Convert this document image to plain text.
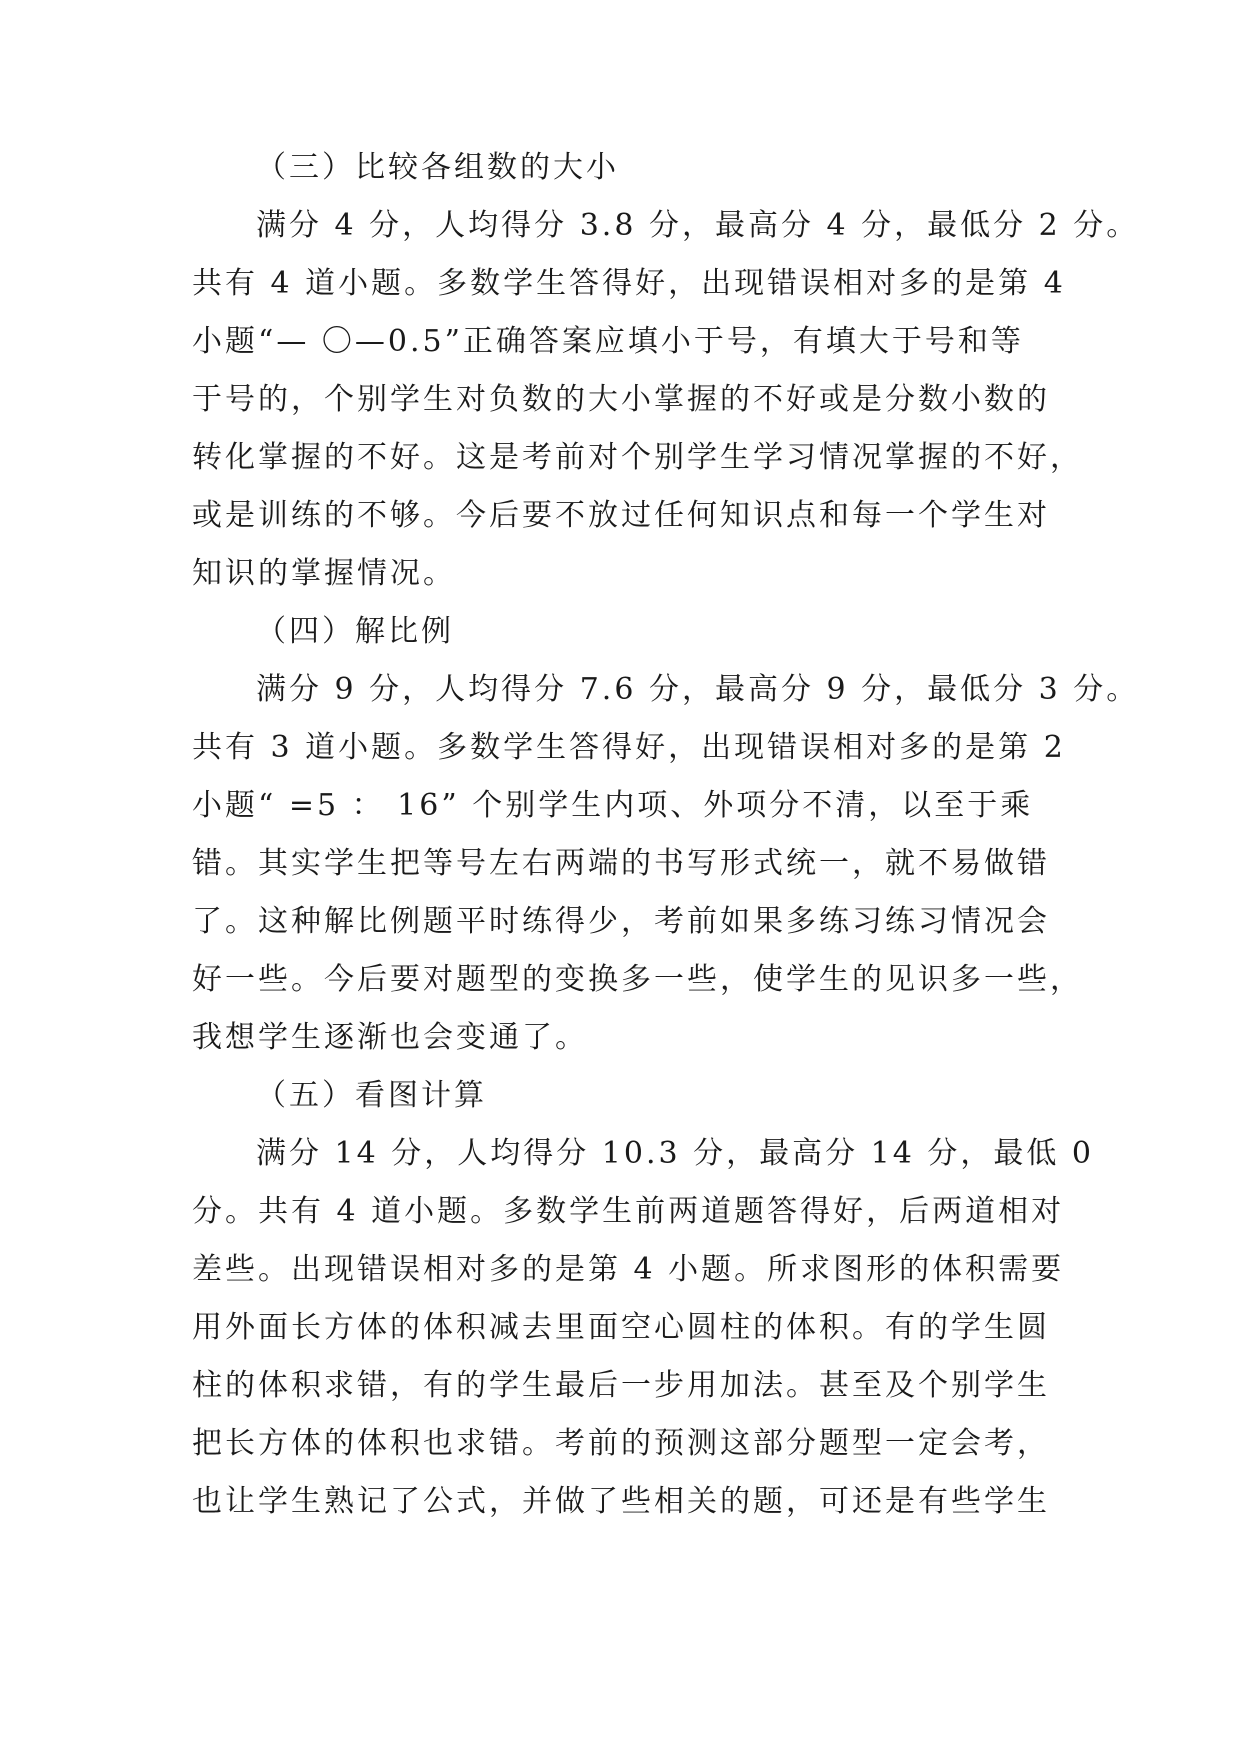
（三）比较各组数的大小
满分 4 分，人均得分 3.8 分，最高分 4 分，最低分 2 分。
共有 4 道小题。多数学生答得好，出现错误相对多的是第 4
小题“— 〇—0.5”正确答案应填小于号，有填大于号和等
于号的，个别学生对负数的大小掌握的不好或是分数小数的
转化掌握的不好。这是考前对个别学生学习情况掌握的不好，
或是训练的不够。今后要不放过任何知识点和每一个学生对
知识的掌握情况。
（四）解比例
满分 9 分，人均得分 7.6 分，最高分 9 分，最低分 3 分。
共有 3 道小题。多数学生答得好，出现错误相对多的是第 2
小题“ =5 ： 16” 个别学生内项、外项分不清，以至于乘
错。其实学生把等号左右两端的书写形式统一，就不易做错
了。这种解比例题平时练得少，考前如果多练习练习情况会
好一些。今后要对题型的变换多一些，使学生的见识多一些，
我想学生逐渐也会变通了。
（五）看图计算
满分 14 分，人均得分 10.3 分，最高分 14 分，最低 0
分。共有 4 道小题。多数学生前两道题答得好，后两道相对
差些。出现错误相对多的是第 4 小题。所求图形的体积需要
用外面长方体的体积减去里面空心圆柱的体积。有的学生圆
柱的体积求错，有的学生最后一步用加法。甚至及个别学生
把长方体的体积也求错。考前的预测这部分题型一定会考，
也让学生熟记了公式，并做了些相关的题，可还是有些学生
